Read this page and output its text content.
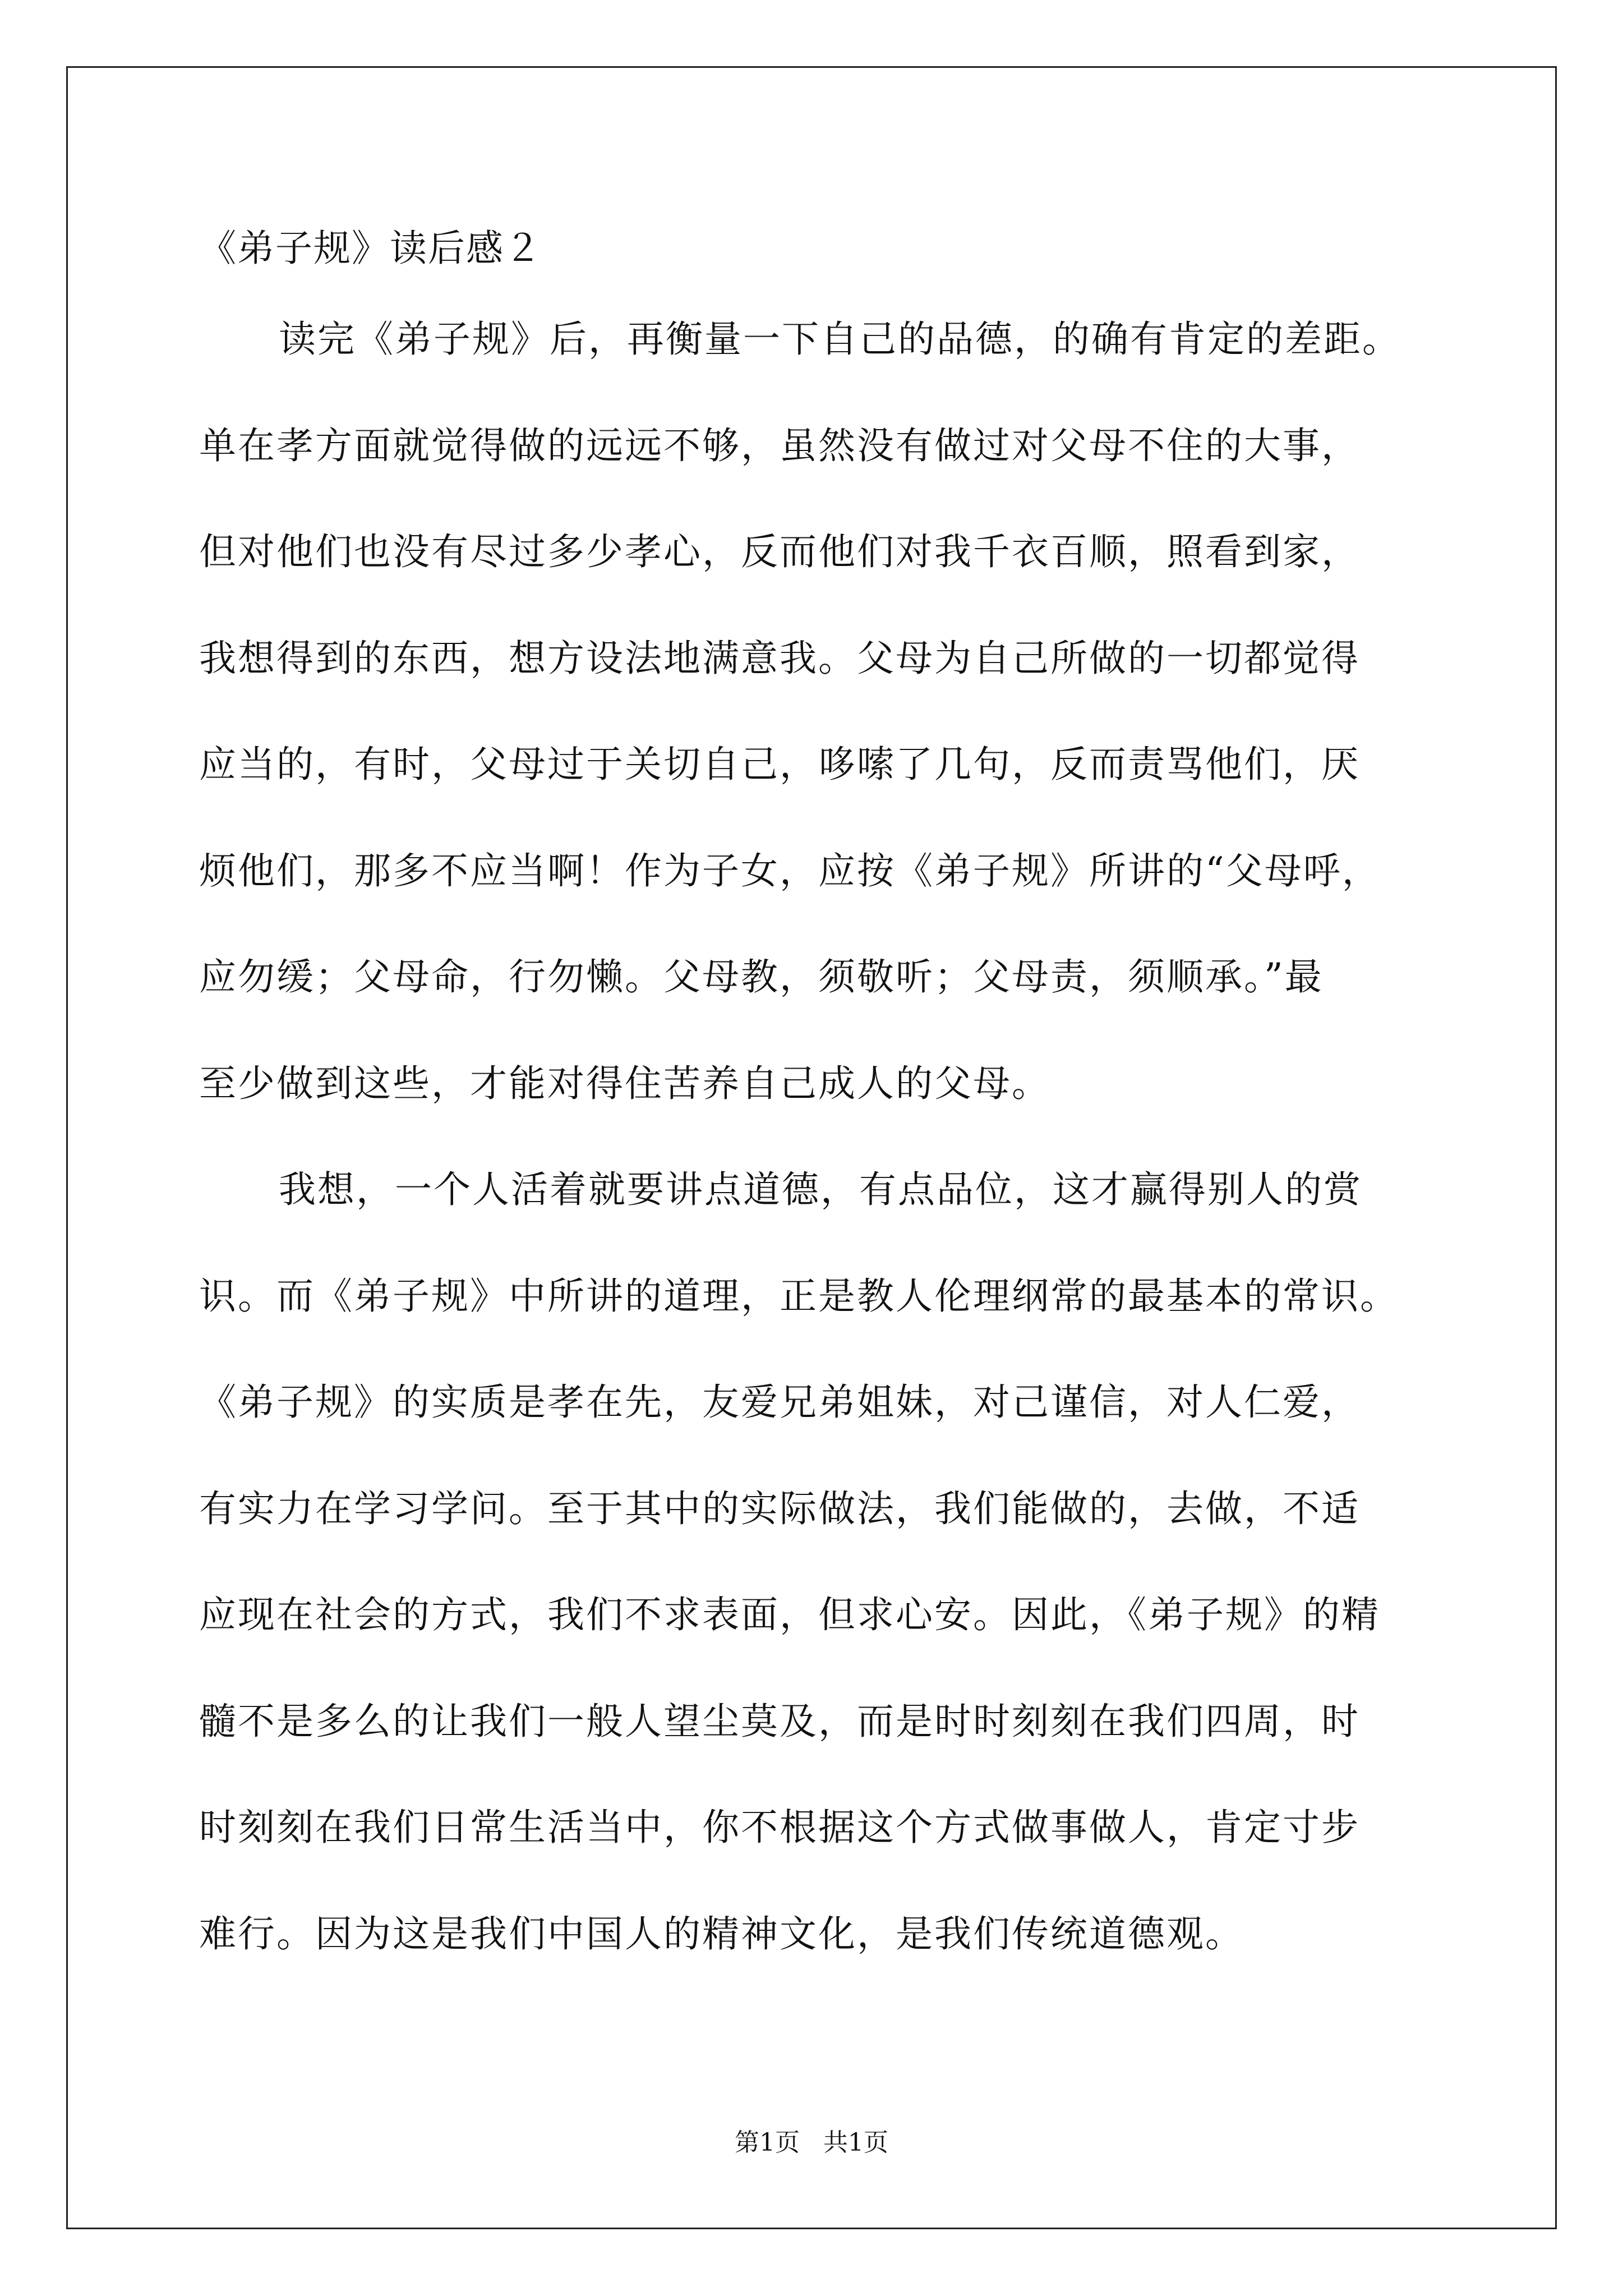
《弟子规》读后感２
读完《弟子规》后，再衡量一下自己的品德，的确有肯定的差距。
单在孝方面就觉得做的远远不够，虽然没有做过对父母不住的大事，
但对他们也没有尽过多少孝心，反而他们对我千衣百顺，照看到家，
我想得到的东西，想方设法地满意我。父母为自己所做的一切都觉得
应当的，有时，父母过于关切自己，哆嗦了几句，反而责骂他们，厌
烦他们，那多不应当啊！作为子女，应按《弟子规》所讲的“父母呼，
应勿缓；父母命，行勿懒。父母教，须敬听；父母责，须顺承。”最
至少做到这些，才能对得住苦养自己成人的父母。
我想，一个人活着就要讲点道德，有点品位，这才赢得别人的赏
识。而《弟子规》中所讲的道理，正是教人伦理纲常的最基本的常识。
《弟子规》的实质是孝在先，友爱兄弟姐妹，对己谨信，对人仁爱，
有实力在学习学问。至于其中的实际做法，我们能做的，去做，不适
应现在社会的方式，我们不求表面，但求心安。因此，《弟子规》的精
髓不是多么的让我们一般人望尘莫及，而是时时刻刻在我们四周，时
时刻刻在我们日常生活当中，你不根据这个方式做事做人，肯定寸步
难行。因为这是我们中国人的精神文化，是我们传统道德观。
第1页   共1页
